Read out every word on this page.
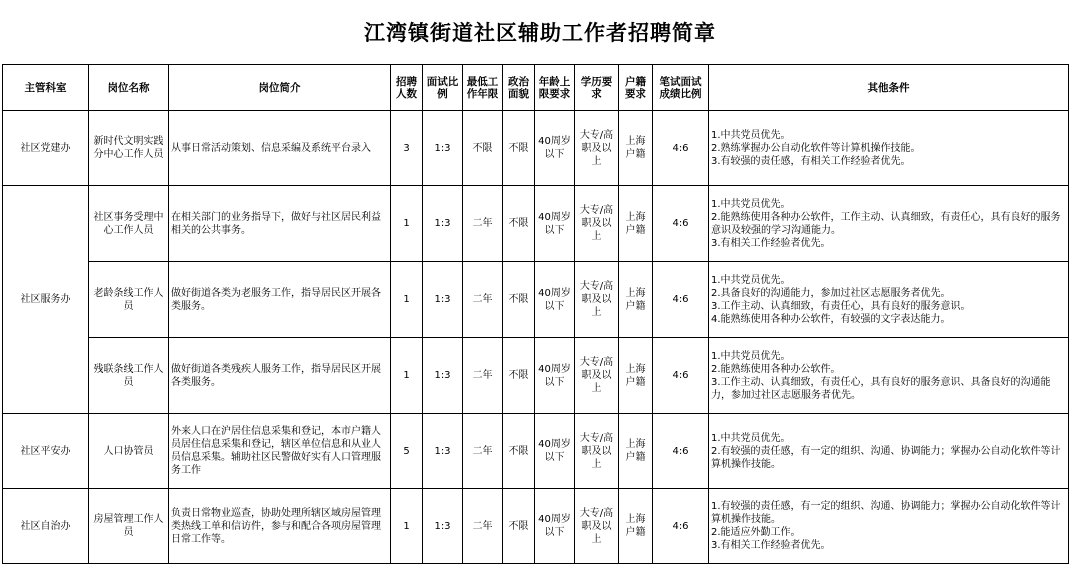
江湾镇街道社区辅助工作者招聘简章
主管科室	岗位名称	岗位简介	招聘人数	面试比例	最低工作年限	政治面貌	年龄上限要求	学历要求	户籍要求	笔试面试成绩比例	其他条件
社区党建办	新时代文明实践分中心工作人员	从事日常活动策划、信息采编及系统平台录入	3	1:3	不限	不限	40周岁以下	大专/高职及以上	上海户籍	4:6	1.中共党员优先。
2.熟练掌握办公自动化软件等计算机操作技能。
3.有较强的责任感，有相关工作经验者优先。

社区服务办	社区事务受理中心工作人员	在相关部门的业务指导下，做好与社区居民利益相关的公共事务。	1	1:3	二年	不限	40周岁以下	大专/高职及以上	上海户籍	4:6	1.中共党员优先。
2.能熟练使用各种办公软件，工作主动、认真细致，有责任心，具有良好的服务意识及较强的学习沟通能力。
3.有相关工作经验者优先。

	老龄条线工作人员	做好街道各类为老服务工作，指导居民区开展各类服务。	1	1:3	二年	不限	40周岁以下	大专/高职及以上	上海户籍	4:6	1.中共党员优先。
2.具备良好的沟通能力，参加过社区志愿服务者优先。
3.工作主动、认真细致，有责任心，具有良好的服务意识。
4.能熟练使用各种办公软件，有较强的文字表达能力。

	残联条线工作人员	做好街道各类残疾人服务工作，指导居民区开展各类服务。	1	1:3	二年	不限	40周岁以下	大专/高职及以上	上海户籍	4:6	1.中共党员优先。
2.能熟练使用各种办公软件。
3.工作主动、认真细致，有责任心，具有良好的服务意识、具备良好的沟通能力，参加过社区志愿服务者优先。

社区平安办	人口协管员	外来人口在沪居住信息采集和登记，本市户籍人员居住信息采集和登记，辖区单位信息和从业人员信息采集。辅助社区民警做好实有人口管理服务工作	5	1:3	二年	不限	40周岁以下	大专/高职及以上	上海户籍	4:6	1.中共党员优先。
2.有较强的责任感，有一定的组织、沟通、协调能力；掌握办公自动化软件等计算机操作技能。

社区自治办	房屋管理工作人员	负责日常物业巡查，协助处理所辖区域房屋管理类热线工单和信访件，参与和配合各项房屋管理日常工作等。	1	1:3	二年	不限	40周岁以下	大专/高职及以上	上海户籍	4:6	1.有较强的责任感，有一定的组织、沟通、协调能力；掌握办公自动化软件等计算机操作技能。
2.能适应外勤工作。
3.有相关工作经验者优先。
